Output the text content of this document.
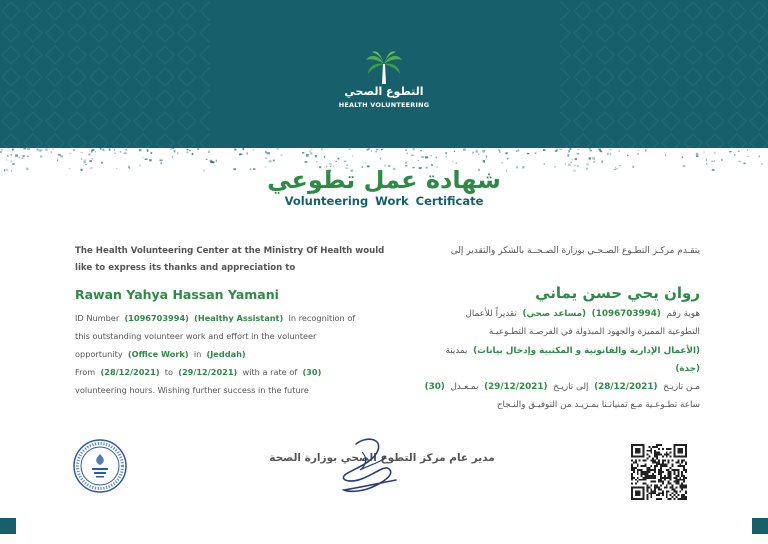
التطوع الصحي
HEALTH VOLUNTEERING
شهادة عمل تطوعي
Volunteering Work Certificate
The Health Volunteering Center at the Ministry Of Health would like to express its thanks and appreciation to
يتقـدم مركـز التطـوع الصـحـي بوزارة الصـحــة بالشكر والتقدير إلى
Rawan Yahya Hassan Yamani	روان يحي حسن يماني
ID Number (1096703994) (Healthy Assistant) In recognition of
this outstanding volunteer work and effort in the volunteer
opportunity (Office Work) in (Jeddah)
From (28/12/2021) to (29/12/2021) with a rate of (30)
volunteering hours. Wishing further success in the future
هوية رقم  (1096703994)  (مساعد صحي)  تقديراً للأعمال
التطوعية المميزة والجهود المبذولة في الفرصـة التطـوعيـة
(الأعمال الإدارية والقانونية و المكتبية وإدخال بيانات)  بمدينة
(جدة)
مـن تاريـخ  (28/12/2021)  إلى تاريـخ  (29/12/2021)  بمـعـدل  (30)
ساعة تطـوعـية مـع تمنياتـنا بمـزيـد من التوفيـق والنـجاح
مدير عام مركز التطوع الصحي بوزارة الصحة
